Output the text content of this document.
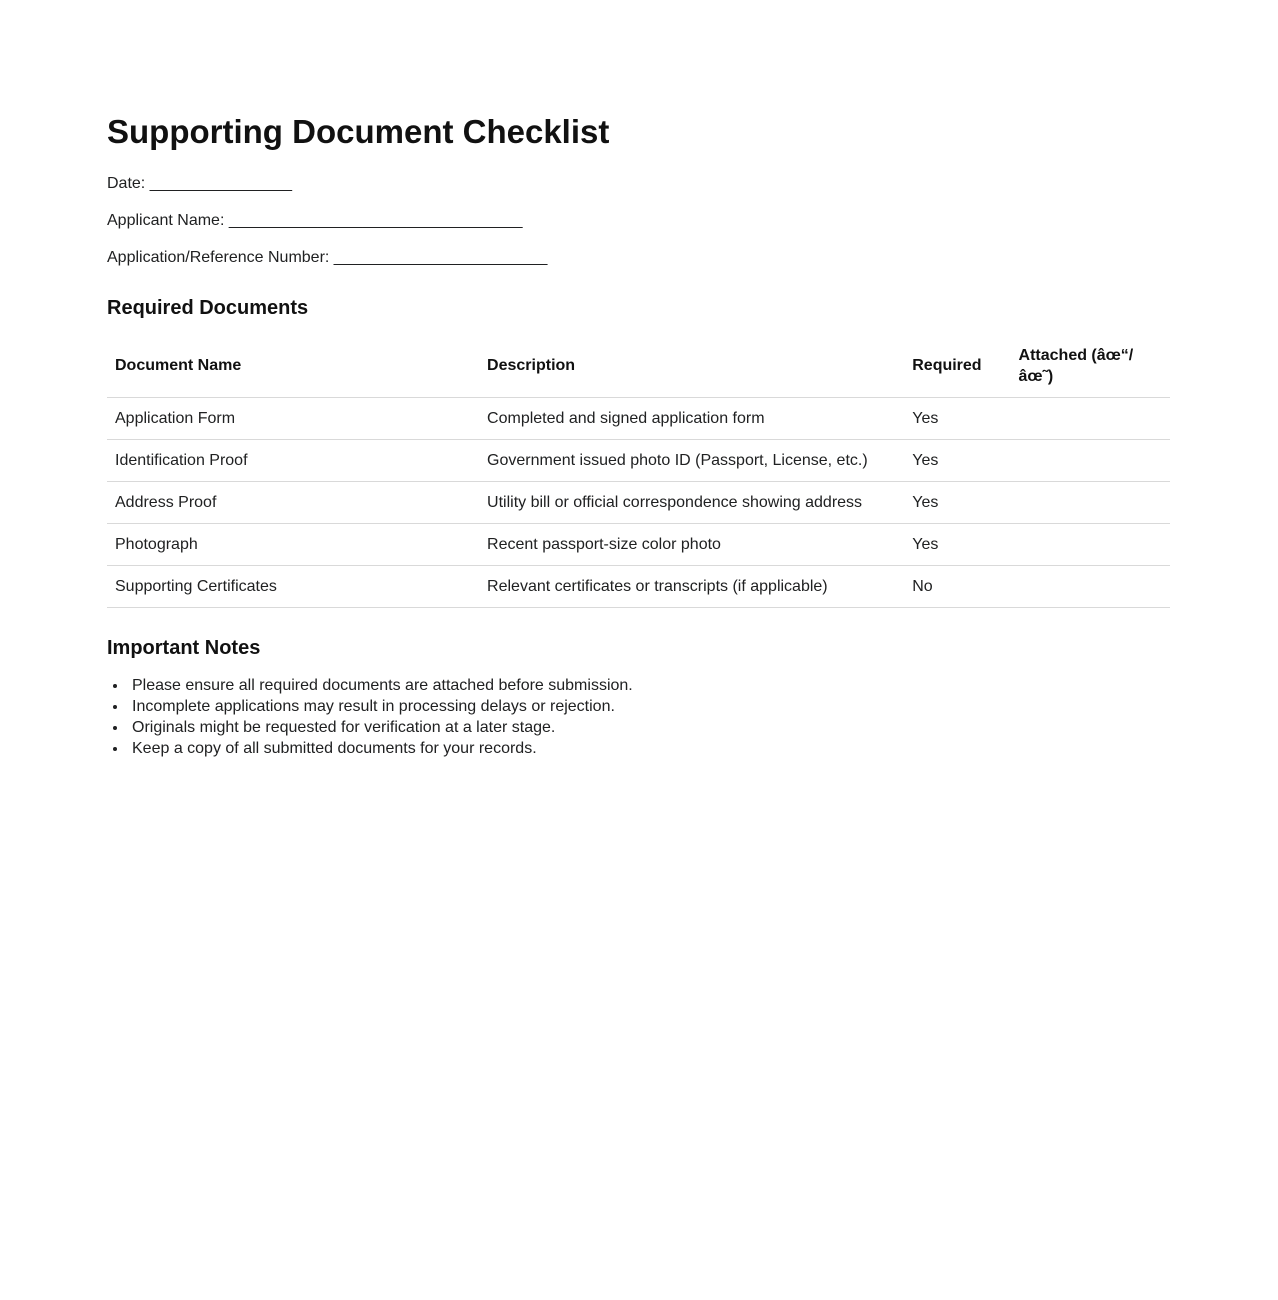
Supporting Document Checklist

Date: ________________

Applicant Name: _________________________________

Application/Reference Number: ________________________

Required Documents
Document Name	Description	Required	Attached (âœ“/âœ˜)
Application Form	Completed and signed application form	Yes	
Identification Proof	Government issued photo ID (Passport, License, etc.)	Yes	
Address Proof	Utility bill or official correspondence showing address	Yes	
Photograph	Recent passport-size color photo	Yes	
Supporting Certificates	Relevant certificates or transcripts (if applicable)	No	
Important Notes
• Please ensure all required documents are attached before submission.
• Incomplete applications may result in processing delays or rejection.
• Originals might be requested for verification at a later stage.
• Keep a copy of all submitted documents for your records.
